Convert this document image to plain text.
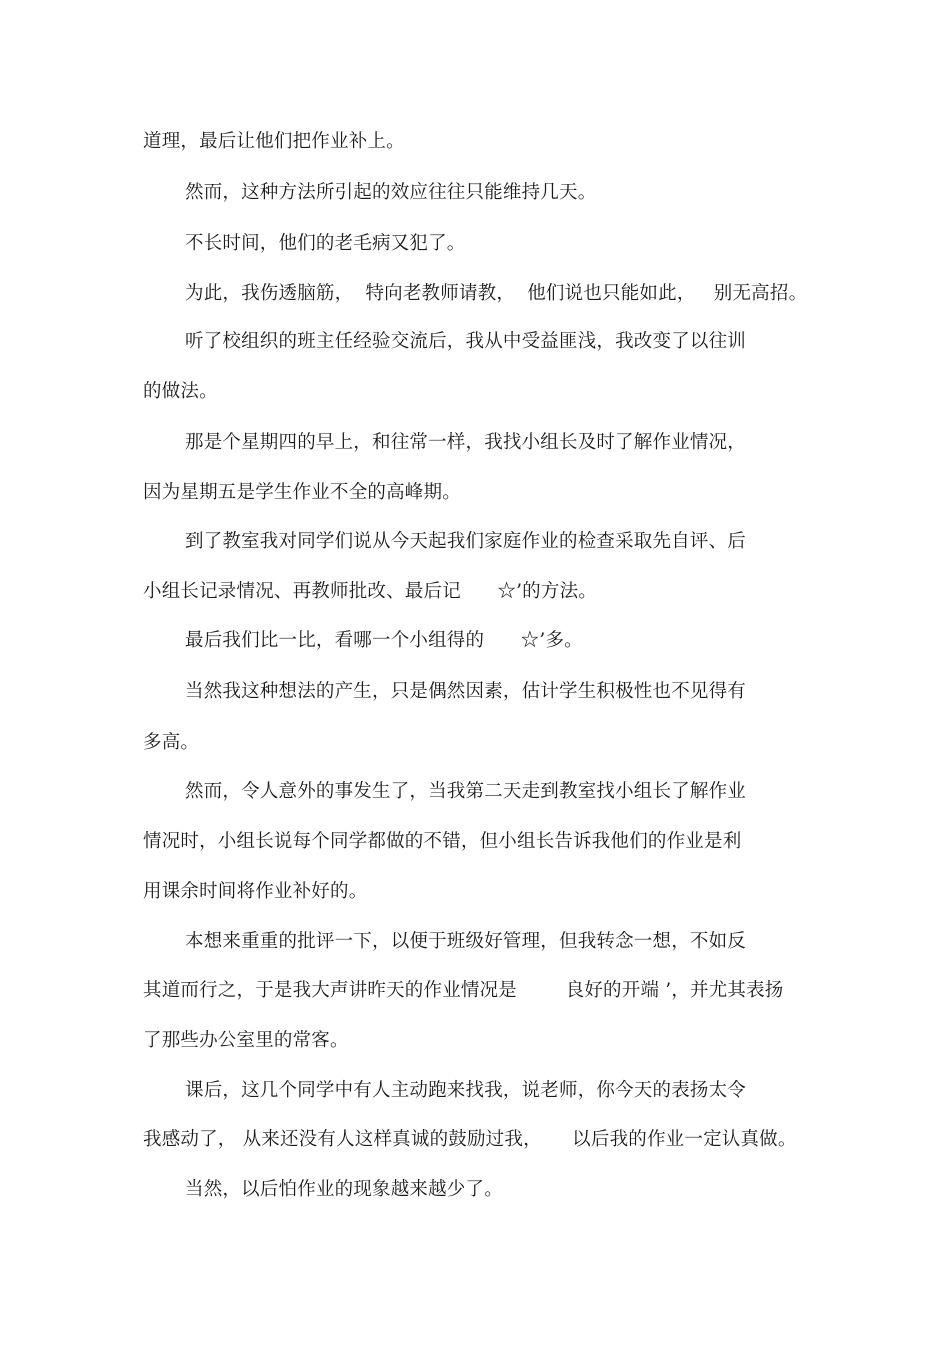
道理，最后让他们把作业补上。
然而，这种方法所引起的效应往往只能维持几天。
不长时间，他们的老毛病又犯了。
为此，我伤透脑筋，  特向老教师请教，  他们说也只能如此，   别无高招。
听了校组织的班主任经验交流后，我从中受益匪浅，我改变了以往训
的做法。
那是个星期四的早上，和往常一样，我找小组长及时了解作业情况，
因为星期五是学生作业不全的高峰期。
到了教室我对同学们说从今天起我们家庭作业的检查采取先自评、后
小组长记录情况、再教师批改、最后记      ☆’的方法。
最后我们比一比，看哪一个小组得的      ☆’多。
当然我这种想法的产生，只是偶然因素，估计学生积极性也不见得有
多高。
然而，令人意外的事发生了，当我第二天走到教室找小组长了解作业
情况时，小组长说每个同学都做的不错，但小组长告诉我他们的作业是利
用课余时间将作业补好的。
本想来重重的批评一下，以便于班级好管理，但我转念一想，不如反
其道而行之，于是我大声讲昨天的作业情况是        良好的开端 ’，并尤其表扬
了那些办公室里的常客。
课后，这几个同学中有人主动跑来找我，说老师，你今天的表扬太令
我感动了， 从来还没有人这样真诚的鼓励过我，     以后我的作业一定认真做。
当然，以后怕作业的现象越来越少了。
